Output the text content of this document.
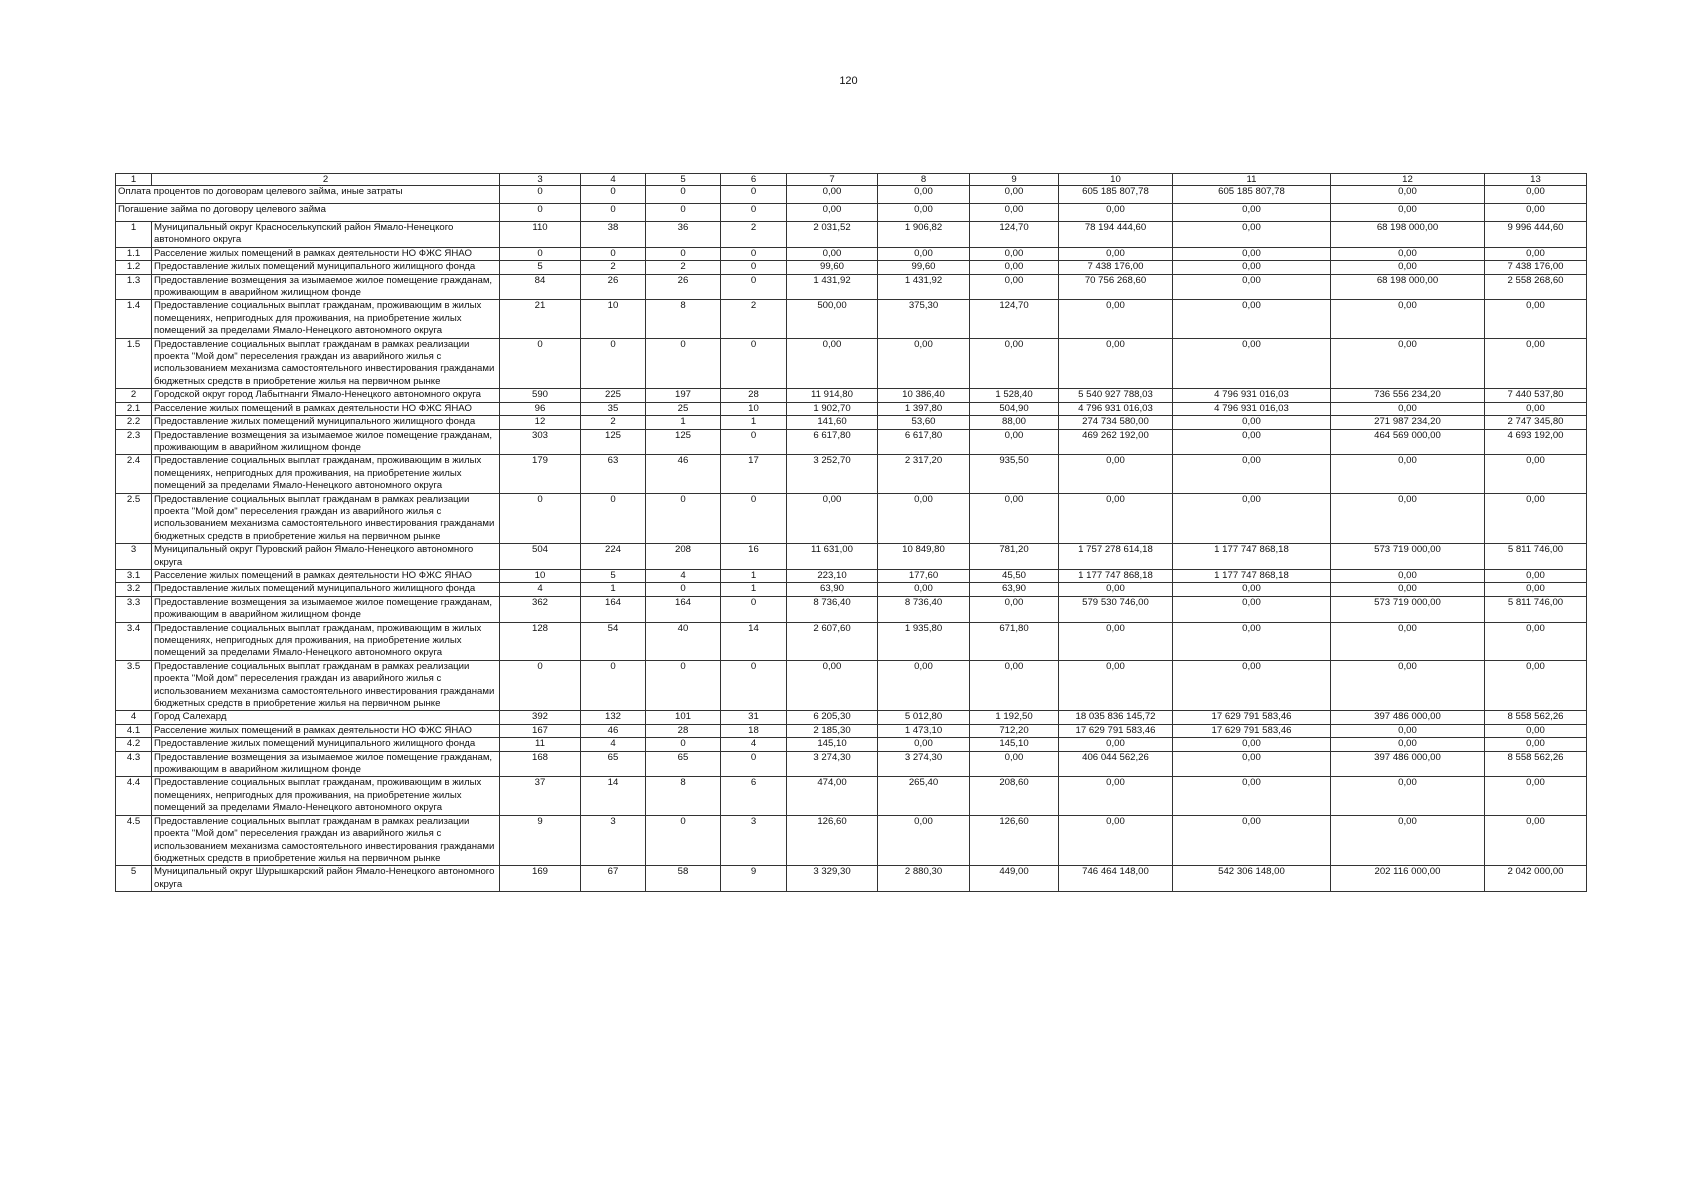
120
1	2	3	4	5	6	7	8	9	10	11	12	13
Оплата процентов по договорам целевого займа, иные затраты		0	0	0	0	0,00	0,00	0,00	605 185 807,78	605 185 807,78	0,00	0,00
Погашение займа по договору целевого займа		0	0	0	0	0,00	0,00	0,00	0,00	0,00	0,00	0,00
1	Муниципальный округ Красноселькупский район Ямало-Ненецкого автономного округа	110	38	36	2	2 031,52	1 906,82	124,70	78 194 444,60	0,00	68 198 000,00	9 996 444,60
1.1	Расселение жилых помещений в рамках деятельности НО ФЖС ЯНАО	0	0	0	0	0,00	0,00	0,00	0,00	0,00	0,00	0,00
1.2	Предоставление жилых помещений муниципального жилищного фонда	5	2	2	0	99,60	99,60	0,00	7 438 176,00	0,00	0,00	7 438 176,00
1.3	Предоставление возмещения за изымаемое жилое помещение гражданам, проживающим в аварийном жилищном фонде	84	26	26	0	1 431,92	1 431,92	0,00	70 756 268,60	0,00	68 198 000,00	2 558 268,60
1.4	Предоставление социальных выплат гражданам, проживающим в жилых помещениях, непригодных для проживания, на приобретение жилых помещений за пределами Ямало-Ненецкого автономного округа	21	10	8	2	500,00	375,30	124,70	0,00	0,00	0,00	0,00
1.5	Предоставление социальных выплат гражданам в рамках реализации проекта "Мой дом" переселения граждан из аварийного жилья с использованием механизма самостоятельного инвестирования гражданами бюджетных средств в приобретение жилья на первичном рынке	0	0	0	0	0,00	0,00	0,00	0,00	0,00	0,00	0,00
2	Городской округ город Лабытнанги Ямало-Ненецкого автономного округа	590	225	197	28	11 914,80	10 386,40	1 528,40	5 540 927 788,03	4 796 931 016,03	736 556 234,20	7 440 537,80
2.1	Расселение жилых помещений в рамках деятельности НО ФЖС ЯНАО	96	35	25	10	1 902,70	1 397,80	504,90	4 796 931 016,03	4 796 931 016,03	0,00	0,00
2.2	Предоставление жилых помещений муниципального жилищного фонда	12	2	1	1	141,60	53,60	88,00	274 734 580,00	0,00	271 987 234,20	2 747 345,80
2.3	Предоставление возмещения за изымаемое жилое помещение гражданам, проживающим в аварийном жилищном фонде	303	125	125	0	6 617,80	6 617,80	0,00	469 262 192,00	0,00	464 569 000,00	4 693 192,00
2.4	Предоставление социальных выплат гражданам, проживающим в жилых помещениях, непригодных для проживания, на приобретение жилых помещений за пределами Ямало-Ненецкого автономного округа	179	63	46	17	3 252,70	2 317,20	935,50	0,00	0,00	0,00	0,00
2.5	Предоставление социальных выплат гражданам в рамках реализации проекта "Мой дом" переселения граждан из аварийного жилья с использованием механизма самостоятельного инвестирования гражданами бюджетных средств в приобретение жилья на первичном рынке	0	0	0	0	0,00	0,00	0,00	0,00	0,00	0,00	0,00
3	Муниципальный округ Пуровский район Ямало-Ненецкого автономного округа	504	224	208	16	11 631,00	10 849,80	781,20	1 757 278 614,18	1 177 747 868,18	573 719 000,00	5 811 746,00
3.1	Расселение жилых помещений в рамках деятельности НО ФЖС ЯНАО	10	5	4	1	223,10	177,60	45,50	1 177 747 868,18	1 177 747 868,18	0,00	0,00
3.2	Предоставление жилых помещений муниципального жилищного фонда	4	1	0	1	63,90	0,00	63,90	0,00	0,00	0,00	0,00
3.3	Предоставление возмещения за изымаемое жилое помещение гражданам, проживающим в аварийном жилищном фонде	362	164	164	0	8 736,40	8 736,40	0,00	579 530 746,00	0,00	573 719 000,00	5 811 746,00
3.4	Предоставление социальных выплат гражданам, проживающим в жилых помещениях, непригодных для проживания, на приобретение жилых помещений за пределами Ямало-Ненецкого автономного округа	128	54	40	14	2 607,60	1 935,80	671,80	0,00	0,00	0,00	0,00
3.5	Предоставление социальных выплат гражданам в рамках реализации проекта "Мой дом" переселения граждан из аварийного жилья с использованием механизма самостоятельного инвестирования гражданами бюджетных средств в приобретение жилья на первичном рынке	0	0	0	0	0,00	0,00	0,00	0,00	0,00	0,00	0,00
4	Город Салехард	392	132	101	31	6 205,30	5 012,80	1 192,50	18 035 836 145,72	17 629 791 583,46	397 486 000,00	8 558 562,26
4.1	Расселение жилых помещений в рамках деятельности НО ФЖС ЯНАО	167	46	28	18	2 185,30	1 473,10	712,20	17 629 791 583,46	17 629 791 583,46	0,00	0,00
4.2	Предоставление жилых помещений муниципального жилищного фонда	11	4	0	4	145,10	0,00	145,10	0,00	0,00	0,00	0,00
4.3	Предоставление возмещения за изымаемое жилое помещение гражданам, проживающим в аварийном жилищном фонде	168	65	65	0	3 274,30	3 274,30	0,00	406 044 562,26	0,00	397 486 000,00	8 558 562,26
4.4	Предоставление социальных выплат гражданам, проживающим в жилых помещениях, непригодных для проживания, на приобретение жилых помещений за пределами Ямало-Ненецкого автономного округа	37	14	8	6	474,00	265,40	208,60	0,00	0,00	0,00	0,00
4.5	Предоставление социальных выплат гражданам в рамках реализации проекта "Мой дом" переселения граждан из аварийного жилья с использованием механизма самостоятельного инвестирования гражданами бюджетных средств в приобретение жилья на первичном рынке	9	3	0	3	126,60	0,00	126,60	0,00	0,00	0,00	0,00
5	Муниципальный округ Шурышкарский район Ямало-Ненецкого автономного округа	169	67	58	9	3 329,30	2 880,30	449,00	746 464 148,00	542 306 148,00	202 116 000,00	2 042 000,00
